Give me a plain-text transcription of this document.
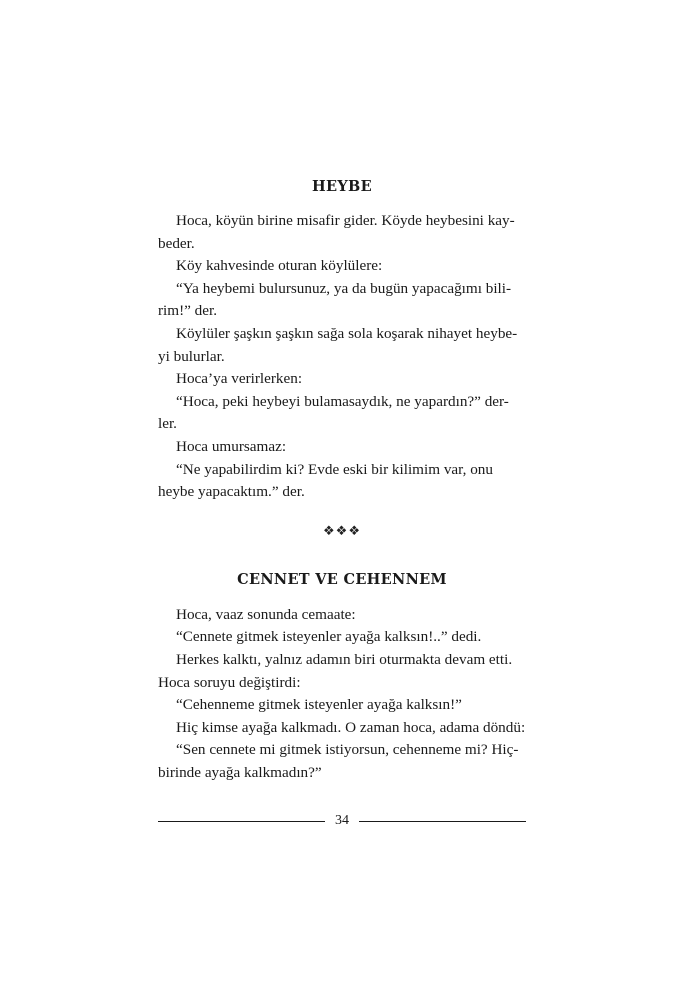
HEYBE

Hoca, köyün birine misafir gider. Köyde heybesini kay-

beder.

Köy kahvesinde oturan köylülere:

“Ya heybemi bulursunuz, ya da bugün yapacağımı bili-

rim!” der.

Köylüler şaşkın şaşkın sağa sola koşarak nihayet heybe-

yi bulurlar.

Hoca’ya verirlerken:

“Hoca, peki heybeyi bulamasaydık, ne yapardın?” der-

ler.

Hoca umursamaz:

“Ne yapabilirdim ki? Evde eski bir kilimim var, onu

heybe yapacaktım.” der.

❖❖❖
CENNET VE CEHENNEM

Hoca, vaaz sonunda cemaate:

“Cennete gitmek isteyenler ayağa kalksın!..” dedi.

Herkes kalktı, yalnız adamın biri oturmakta devam etti.

Hoca soruyu değiştirdi:

“Cehenneme gitmek isteyenler ayağa kalksın!”

Hiç kimse ayağa kalkmadı. O zaman hoca, adama döndü:

“Sen cennete mi gitmek istiyorsun, cehenneme mi? Hiç-

birinde ayağa kalkmadın?”

34
